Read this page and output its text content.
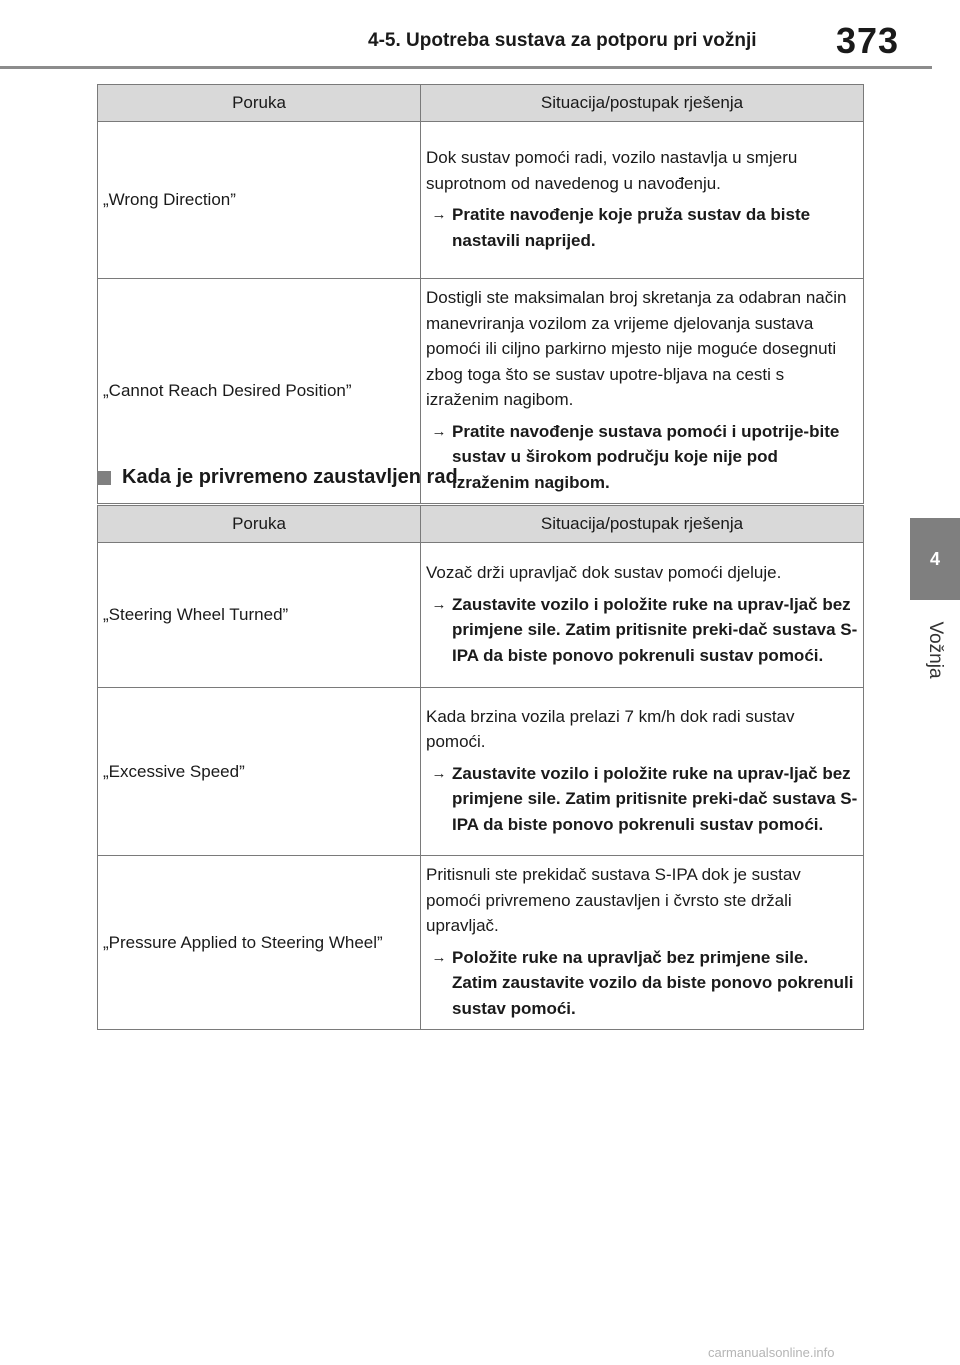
4-5. Upotreba sustava za potporu pri vožnji 373
4
Vožnja
Poruka	Situacija/postupak rješenja
„Wrong Direction”	Dok sustav pomoći radi, vozilo nastavlja u smjeru suprotnom od navedenog u navođenju.

→ Pratite navođenje koje pruža sustav da biste nastavili naprijed.

„Cannot Reach Desired Position”	Dostigli ste maksimalan broj skretanja za odabran način manevriranja vozilom za vrijeme djelovanja sustava pomoći ili ciljno parkirno mjesto nije moguće dosegnuti zbog toga što se sustav upotre-bljava na cesti s izraženim nagibom.

→ Pratite navođenje sustava pomoći i upotrije-bite sustav u širokom području koje nije pod izraženim nagibom.
Kada je privremeno zaustavljen rad
Poruka	Situacija/postupak rješenja
„Steering Wheel Turned”	Vozač drži upravljač dok sustav pomoći djeluje.

→ Zaustavite vozilo i položite ruke na uprav-ljač bez primjene sile. Zatim pritisnite preki-dač sustava S-IPA da biste ponovo pokrenuli sustav pomoći.

„Excessive Speed”	Kada brzina vozila prelazi 7 km/h dok radi sustav pomoći.

→ Zaustavite vozilo i položite ruke na uprav-ljač bez primjene sile. Zatim pritisnite preki-dač sustava S-IPA da biste ponovo pokrenuli sustav pomoći.

„Pressure Applied to Steering Wheel”	Pritisnuli ste prekidač sustava S-IPA dok je sustav pomoći privremeno zaustavljen i čvrsto ste držali upravljač.

→ Položite ruke na upravljač bez primjene sile. Zatim zaustavite vozilo da biste ponovo pokrenuli sustav pomoći.
carmanualsonline.info
